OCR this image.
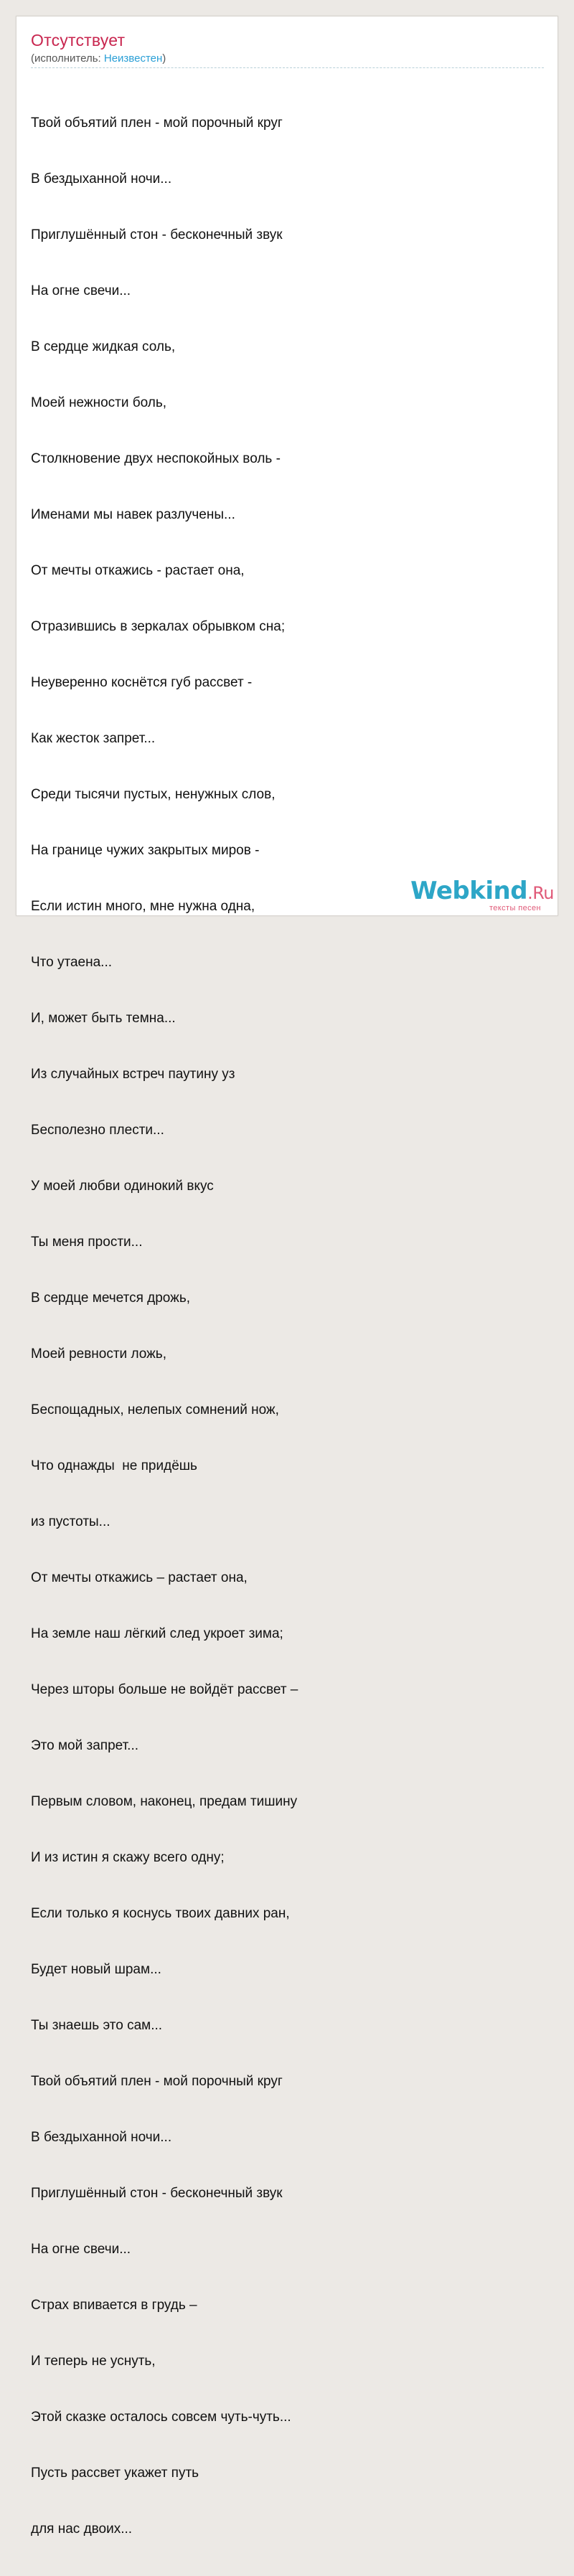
Отсутствует
(исполнитель: Неизвестен)

Твой объятий плен - мой порочный круг

В бездыханной ночи...

Приглушённый стон - бесконечный звук

На огне свечи...

В сердце жидкая соль,

Моей нежности боль,

Столкновение двух неспокойных воль -

Именами мы навек разлучены...

От мечты откажись - растает она,

Отразившись в зеркалах обрывком сна;

Неуверенно коснётся губ рассвет -

Как жесток запрет...

Среди тысячи пустых, ненужных слов,

На границе чужих закрытых миров -

Если истин много, мне нужна одна,

Что утаена...

И, может быть темна...

Из случайных встреч паутину уз

Бесполезно плести...

У моей любви одинокий вкус

Ты меня прости...

В сердце мечется дрожь,

Моей ревности ложь,

Беспощадных, нелепых сомнений нож,

Что однажды  не придёшь

из пустоты...

От мечты откажись – растает она,

На земле наш лёгкий след укроет зима;

Через шторы больше не войдёт рассвет –

Это мой запрет...

Первым словом, наконец, предам тишину

И из истин я скажу всего одну;

Если только я коснусь твоих давних ран,

Будет новый шрам...

Ты знаешь это сам...

Твой объятий плен - мой порочный круг

В бездыханной ночи...

Приглушённый стон - бесконечный звук

На огне свечи...

Страх впивается в грудь –

И теперь не уснуть,

Этой сказке осталось совсем чуть-чуть...

Пусть рассвет укажет путь

для нас двоих...

Webkind.Ru
тексты песен
